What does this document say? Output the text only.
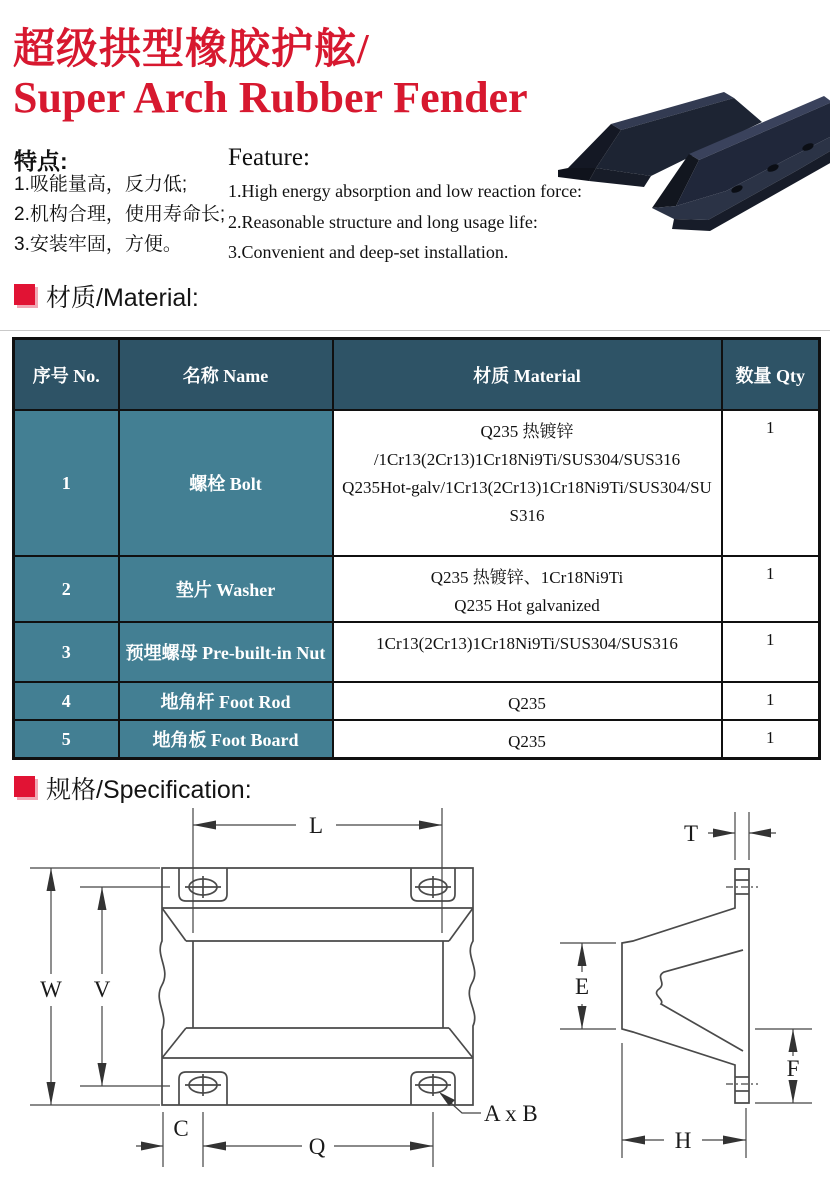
超级拱型橡胶护舷/
Super Arch Rubber Fender
特点:
1.吸能量高，反力低;
2.机构合理，使用寿命长;
3.安装牢固，方便。
Feature:
1.High energy absorption and low reaction force:
2.Reasonable structure and long usage life:
3.Convenient and deep-set installation.
材质/Material:
序号 No.	名称 Name	材质 Material	数量 Qty
1	螺栓 Bolt	Q235 热镀锌
/1Cr13(2Cr13)1Cr18Ni9Ti/SUS304/SUS316
Q235Hot-galv/1Cr13(2Cr13)1Cr18Ni9Ti/SUS304/SU
S316	1
2	垫片 Washer	Q235 热镀锌、1Cr18Ni9Ti
Q235 Hot galvanized	1
3	预埋螺母 Pre-built-in Nut	1Cr13(2Cr13)1Cr18Ni9Ti/SUS304/SUS316	1
4	地角杆 Foot Rod	Q235	1
5	地角板 Foot Board	Q235	1
规格/Specification:
L
W V
C
Q
A x B
T
E
F
H
